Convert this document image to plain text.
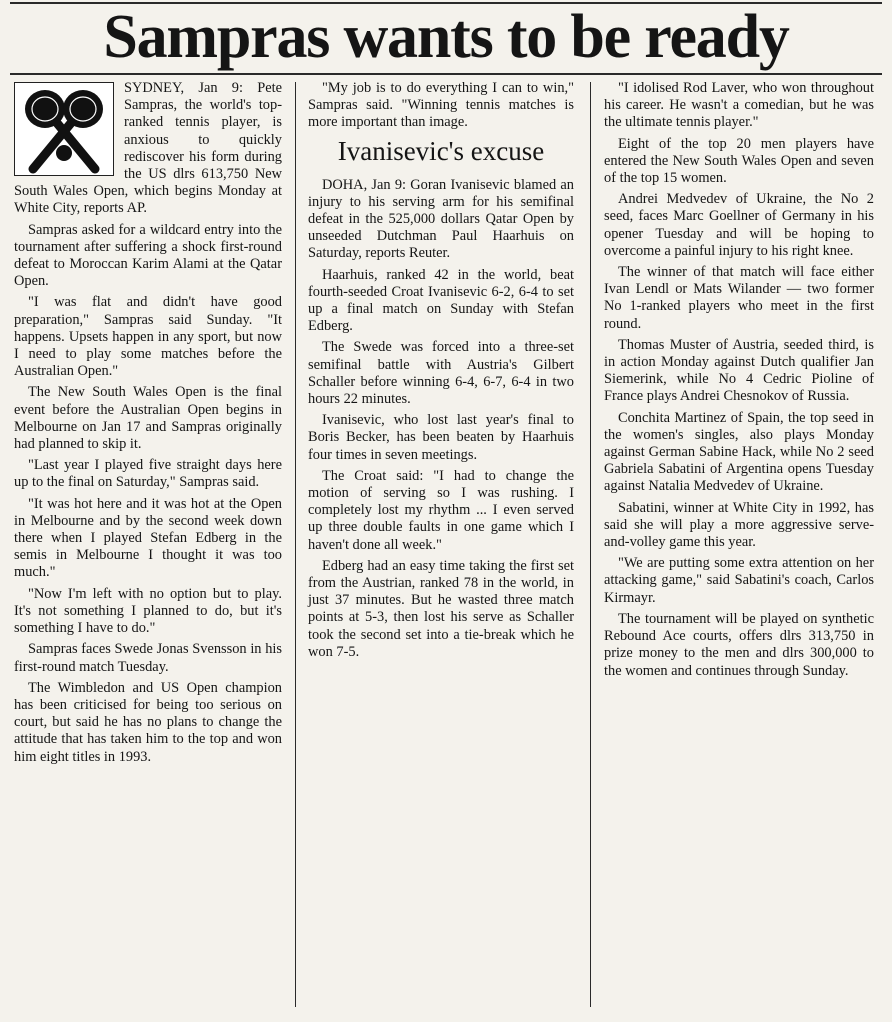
Sampras wants to be ready

SYDNEY, Jan 9: Pete Sampras, the world's top-ranked tennis player, is anxious to quickly rediscover his form during the US dlrs 613,750 New South Wales Open, which begins Monday at White City, reports AP.

Sampras asked for a wildcard entry into the tournament after suffering a shock first-round defeat to Moroccan Karim Alami at the Qatar Open.

"I was flat and didn't have good preparation," Sampras said Sunday. "It happens. Upsets happen in any sport, but now I need to play some matches before the Australian Open."

The New South Wales Open is the final event before the Australian Open begins in Melbourne on Jan 17 and Sampras originally had planned to skip it.

"Last year I played five straight days here up to the final on Saturday," Sampras said.

"It was hot here and it was hot at the Open in Melbourne and by the second week down there when I played Stefan Edberg in the semis in Melbourne I thought it was too much."

"Now I'm left with no option but to play. It's not something I planned to do, but it's something I have to do."

Sampras faces Swede Jonas Svensson in his first-round match Tuesday.

The Wimbledon and US Open champion has been criticised for being too serious on court, but said he has no plans to change the attitude that has taken him to the top and won him eight titles in 1993.

"My job is to do everything I can to win," Sampras said. "Winning tennis matches is more important than image.

Ivanisevic's excuse

DOHA, Jan 9: Goran Ivanisevic blamed an injury to his serving arm for his semifinal defeat in the 525,000 dollars Qatar Open by unseeded Dutchman Paul Haarhuis on Saturday, reports Reuter.

Haarhuis, ranked 42 in the world, beat fourth-seeded Croat Ivanisevic 6-2, 6-4 to set up a final match on Sunday with Stefan Edberg.

The Swede was forced into a three-set semifinal battle with Austria's Gilbert Schaller before winning 6-4, 6-7, 6-4 in two hours 22 minutes.

Ivanisevic, who lost last year's final to Boris Becker, has been beaten by Haarhuis four times in seven meetings.

The Croat said: "I had to change the motion of serving so I was rushing. I completely lost my rhythm ... I even served up three double faults in one game which I haven't done all week."

Edberg had an easy time taking the first set from the Austrian, ranked 78 in the world, in just 37 minutes. But he wasted three match points at 5-3, then lost his serve as Schaller took the second set into a tie-break which he won 7-5.

"I idolised Rod Laver, who won throughout his career. He wasn't a comedian, but he was the ultimate tennis player."

Eight of the top 20 men players have entered the New South Wales Open and seven of the top 15 women.

Andrei Medvedev of Ukraine, the No 2 seed, faces Marc Goellner of Germany in his opener Tuesday and will be hoping to overcome a painful injury to his right knee.

The winner of that match will face either Ivan Lendl or Mats Wilander — two former No 1-ranked players who meet in the first round.

Thomas Muster of Austria, seeded third, is in action Monday against Dutch qualifier Jan Siemerink, while No 4 Cedric Pioline of France plays Andrei Chesnokov of Russia.

Conchita Martinez of Spain, the top seed in the women's singles, also plays Monday against German Sabine Hack, while No 2 seed Gabriela Sabatini of Argentina opens Tuesday against Natalia Medvedev of Ukraine.

Sabatini, winner at White City in 1992, has said she will play a more aggressive serve-and-volley game this year.

"We are putting some extra attention on her attacking game," said Sabatini's coach, Carlos Kirmayr.

The tournament will be played on synthetic Rebound Ace courts, offers dlrs 313,750 in prize money to the men and dlrs 300,000 to the women and continues through Sunday.
